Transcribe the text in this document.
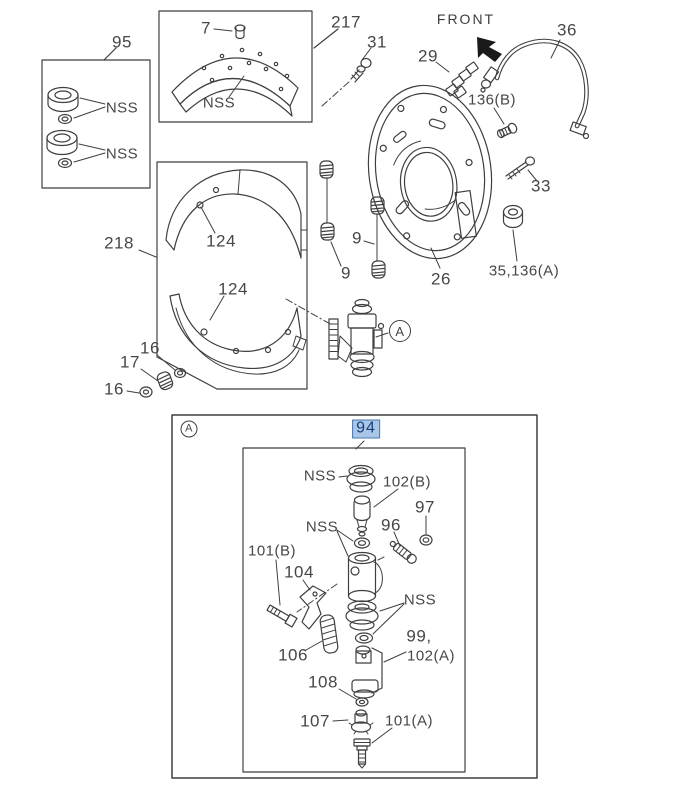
95
NSS
NSS
217
7
NSS
FRONT
36
29
31
136(B)
33
26	35,136(A)
9
9
218	124
124
16
17
16
A
A	94
NSS	102(B)
97
96
NSS
101(B)
104
NSS
106
99,
102(A)
108
107	101(A)
